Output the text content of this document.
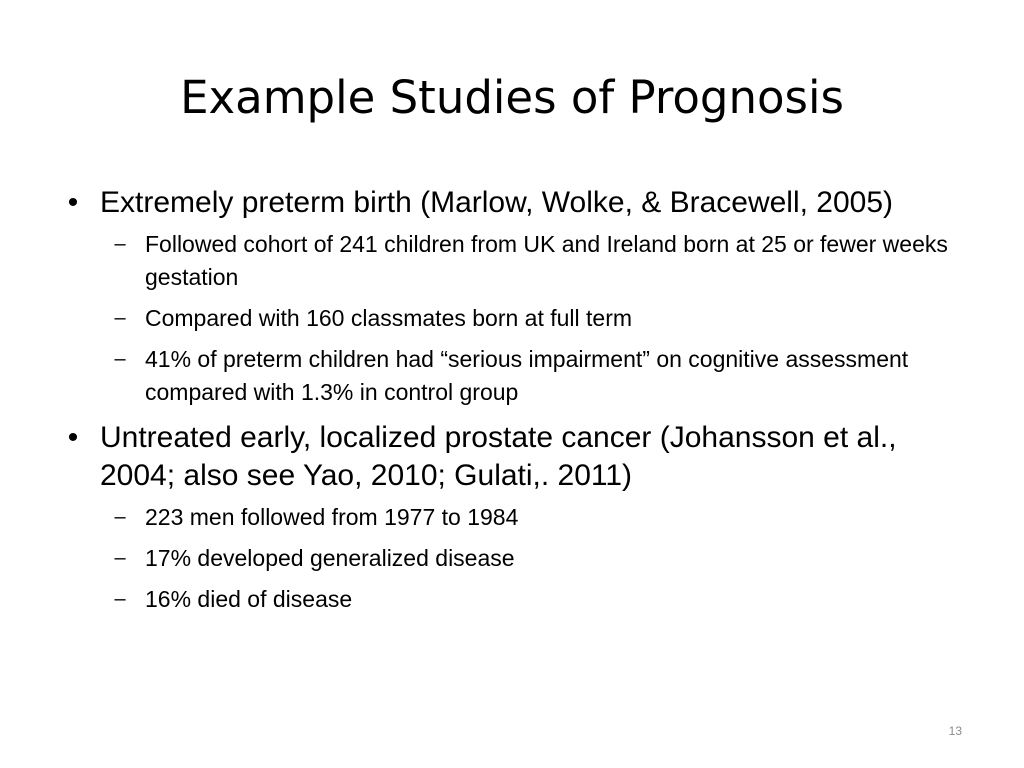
Example Studies of Prognosis
• Extremely preterm birth (Marlow, Wolke, & Bracewell, 2005)
– Followed cohort of 241 children from UK and Ireland born at 25 or fewer weeks gestation
– Compared with 160 classmates born at full term
– 41% of preterm children had “serious impairment” on cognitive assessment compared with 1.3% in control group
• Untreated early, localized prostate cancer (Johansson et al., 2004; also see Yao, 2010; Gulati,. 2011)
– 223 men followed from 1977 to 1984
– 17% developed generalized disease
– 16% died of disease
13
